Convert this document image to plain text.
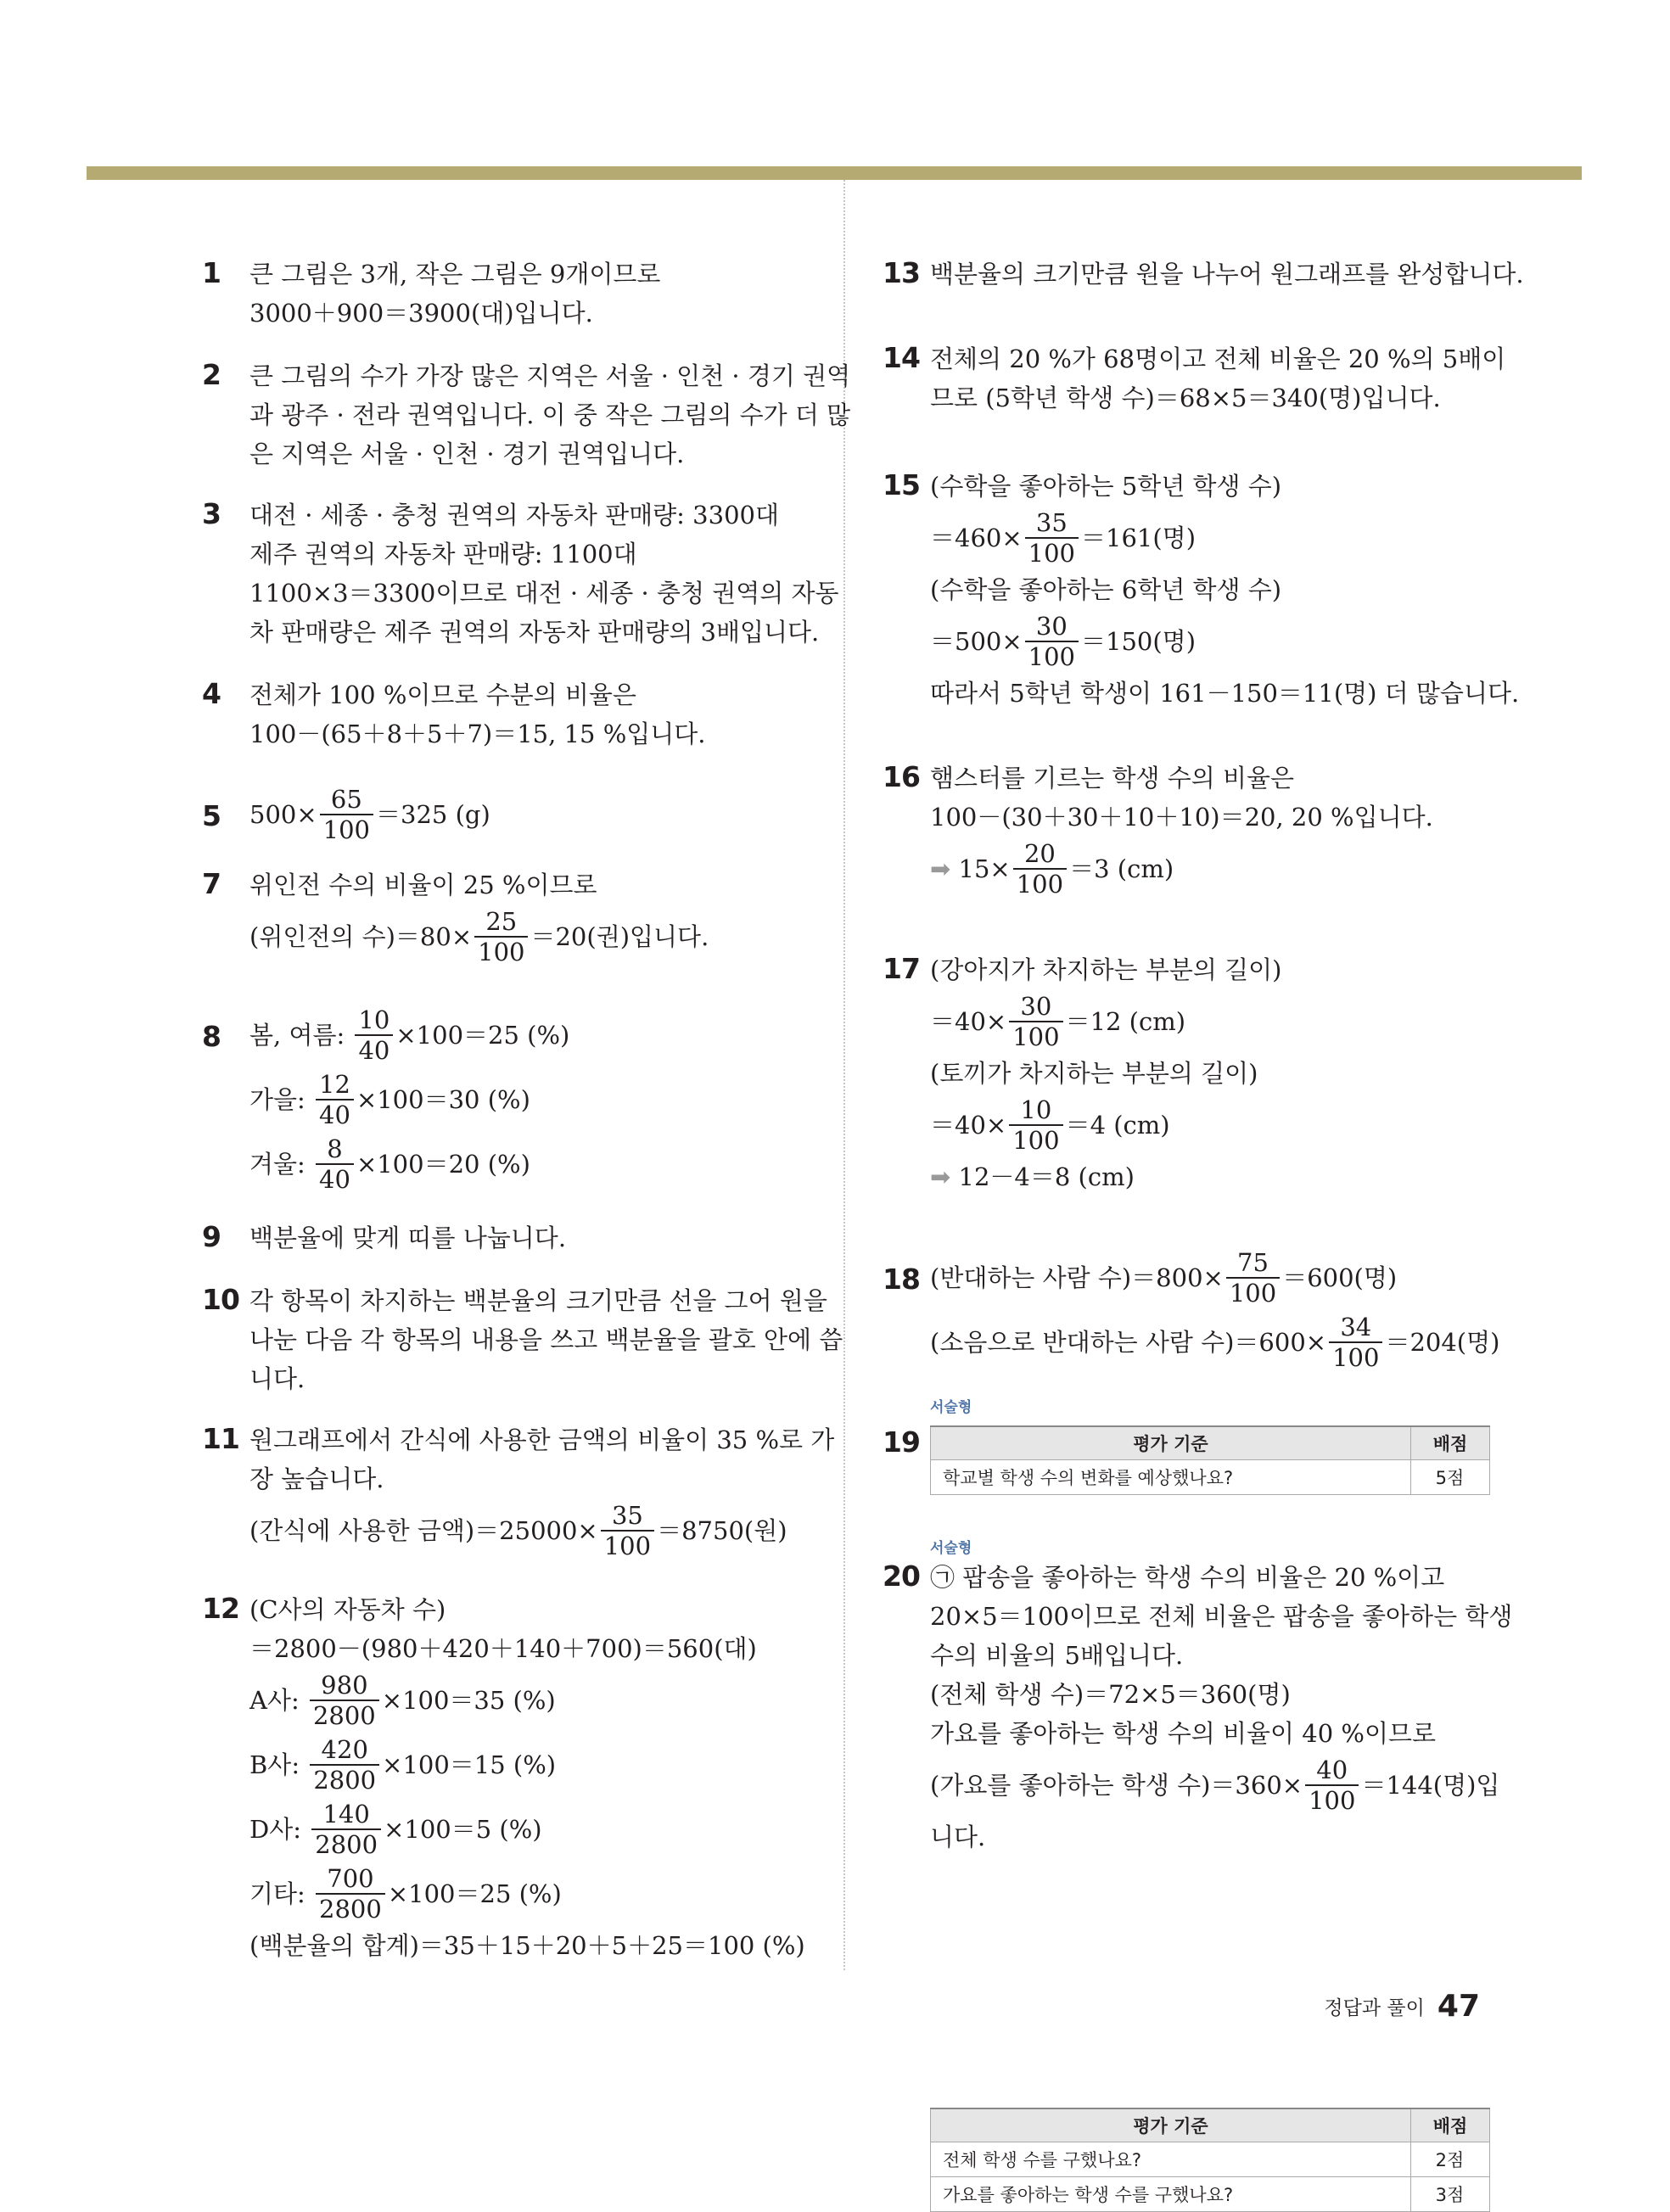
1 큰 그림은 3개, 작은 그림은 9개이므로
3000＋900＝3900(대)입니다.
2 큰 그림의 수가 가장 많은 지역은 서울 · 인천 · 경기 권역
과 광주 · 전라 권역입니다. 이 중 작은 그림의 수가 더 많
은 지역은 서울 · 인천 · 경기 권역입니다.
3 대전 · 세종 · 충청 권역의 자동차 판매량: 3300대
제주 권역의 자동차 판매량: 1100대
1100×3＝3300이므로 대전 · 세종 · 충청 권역의 자동
차 판매량은 제주 권역의 자동차 판매량의 3배입니다.
4 전체가 100 %이므로 수분의 비율은
100－(65＋8＋5＋7)＝15, 15 %입니다.
5 $500\times \frac{65}{100} =325$ (g)
7 위인전 수의 비율이 25 %이므로
(위인전의 수)$=80\times \frac{25}{100} =20$(권)입니다.
8 봄, 여름: $\frac{10}{40} \times 100=25$ (%)
가을: $\frac{12}{40} \times 100=30$ (%)
겨울: $\frac{8}{40} \times 100=20$ (%)
9 백분율에 맞게 띠를 나눕니다.
10 각 항목이 차지하는 백분율의 크기만큼 선을 그어 원을
나눈 다음 각 항목의 내용을 쓰고 백분율을 괄호 안에 씁
니다.
11 원그래프에서 간식에 사용한 금액의 비율이 35 %로 가
장 높습니다.
(간식에 사용한 금액)$=25000\times \frac{35}{100} =8750$(원)
12 (C사의 자동차 수)
＝2800－(980＋420＋140＋700)＝560(대)
A사: $\frac{980}{2800} \times 100=35$ (%)
B사: $\frac{420}{2800} \times 100=15$ (%)
D사: $\frac{140}{2800} \times 100=5$ (%)
기타: $\frac{700}{2800} \times 100=25$ (%)
(백분율의 합계)＝35＋15＋20＋5＋25＝100 (%)
13 백분율의 크기만큼 원을 나누어 원그래프를 완성합니다.
14 전체의 20 %가 68명이고 전체 비율은 20 %의 5배이
므로 (5학년 학생 수)＝68×5＝340(명)입니다.
15 (수학을 좋아하는 5학년 학생 수)
$=460\times \frac{35}{100} =161$(명)
(수학을 좋아하는 6학년 학생 수)
$=500\times \frac{30}{100} =150$(명)
따라서 5학년 학생이 161－150＝11(명) 더 많습니다.
16 햄스터를 기르는 학생 수의 비율은
100－(30＋30＋10＋10)＝20, 20 %입니다.
➡ $15\times \frac{20}{100} =3$ (cm)
17 (강아지가 차지하는 부분의 길이)
$=40\times \frac{30}{100} =12$ (cm)
(토끼가 차지하는 부분의 길이)
$=40\times \frac{10}{100} =4$ (cm)
➡ 12－4＝8 (cm)
18 (반대하는 사람 수)$=800\times \frac{75}{100} =600$(명)
(소음으로 반대하는 사람 수)$=600\times \frac{34}{100} =204$(명)
서술형
19	평가 기준	배점
학교별 학생 수의 변화를 예상했나요?	5점
서술형
20 ㉠ 팝송을 좋아하는 학생 수의 비율은 20 %이고
20×5＝100이므로 전체 비율은 팝송을 좋아하는 학생
수의 비율의 5배입니다.
(전체 학생 수)＝72×5＝360(명)
가요를 좋아하는 학생 수의 비율이 40 %이므로
(가요를 좋아하는 학생 수)$=360\times \frac{40}{100} =144$(명)입
니다.
평가 기준	배점
전체 학생 수를 구했나요?	2점
가요를 좋아하는 학생 수를 구했나요?	3점
정답과 풀이 47
